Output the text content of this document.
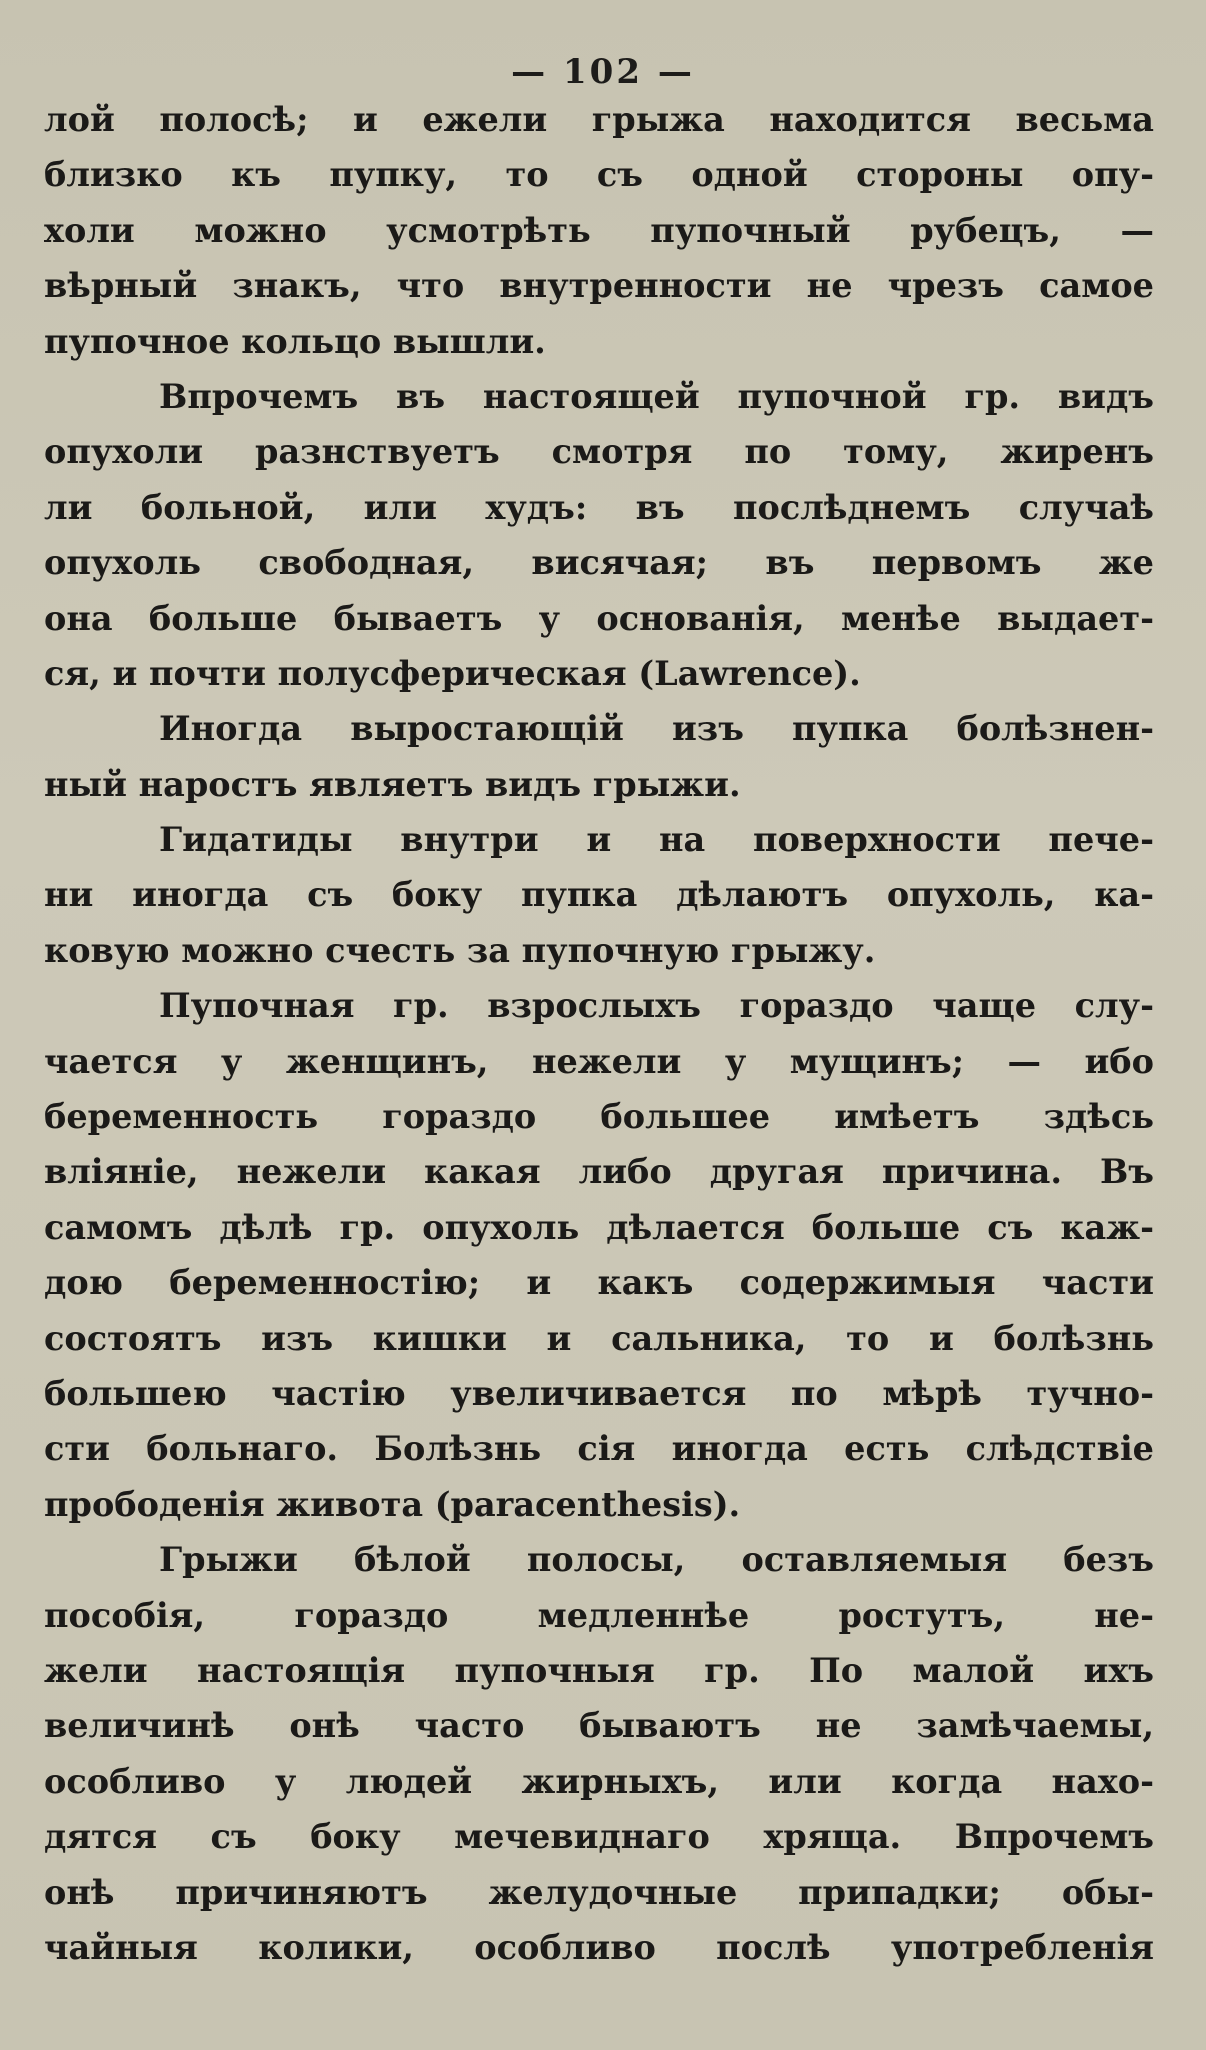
— 102 —
лой полосѣ; и ежели грыжа находится весьма
близко къ пупку, то съ одной стороны опу-
холи можно усмотрѣть пупочный рубецъ, —
вѣрный знакъ, что внутренности не чрезъ самое
пупочное кольцо вышли.
Впрочемъ въ настоящей пупочной гр. видъ
опухоли разнствуетъ смотря по тому, жиренъ
ли больной, или худъ: въ послѣднемъ случаѣ
опухоль свободная, висячая; въ первомъ же
она больше бываетъ у основанія, менѣе выдает-
ся, и почти полусферическая (Lawrence).
Иногда выростающій изъ пупка болѣзнен-
ный наростъ являетъ видъ грыжи.
Гидатиды внутри и на поверхности пече-
ни иногда съ боку пупка дѣлаютъ опухоль, ка-
ковую можно счесть за пупочную грыжу.
Пупочная гр. взрослыхъ гораздо чаще слу-
чается у женщинъ, нежели у мущинъ; — ибо
беременность гораздо большее имѣетъ здѣсь
вліяніе, нежели какая либо другая причина. Въ
самомъ дѣлѣ гр. опухоль дѣлается больше съ каж-
дою беременностію; и какъ содержимыя части
состоятъ изъ кишки и сальника, то и болѣзнь
большею частію увеличивается по мѣрѣ тучно-
сти больнаго. Болѣзнь сія иногда есть слѣдствіе
прободенія живота (paracenthesis).
Грыжи бѣлой полосы, оставляемыя безъ
пособія, гораздо медленнѣе ростутъ, не-
жели настоящія пупочныя гр. По малой ихъ
величинѣ онѣ часто бываютъ не замѣчаемы,
особливо у людей жирныхъ, или когда нахо-
дятся съ боку мечевиднаго хряща. Впрочемъ
онѣ причиняютъ желудочные припадки; обы-
чайныя колики, особливо послѣ употребленія
